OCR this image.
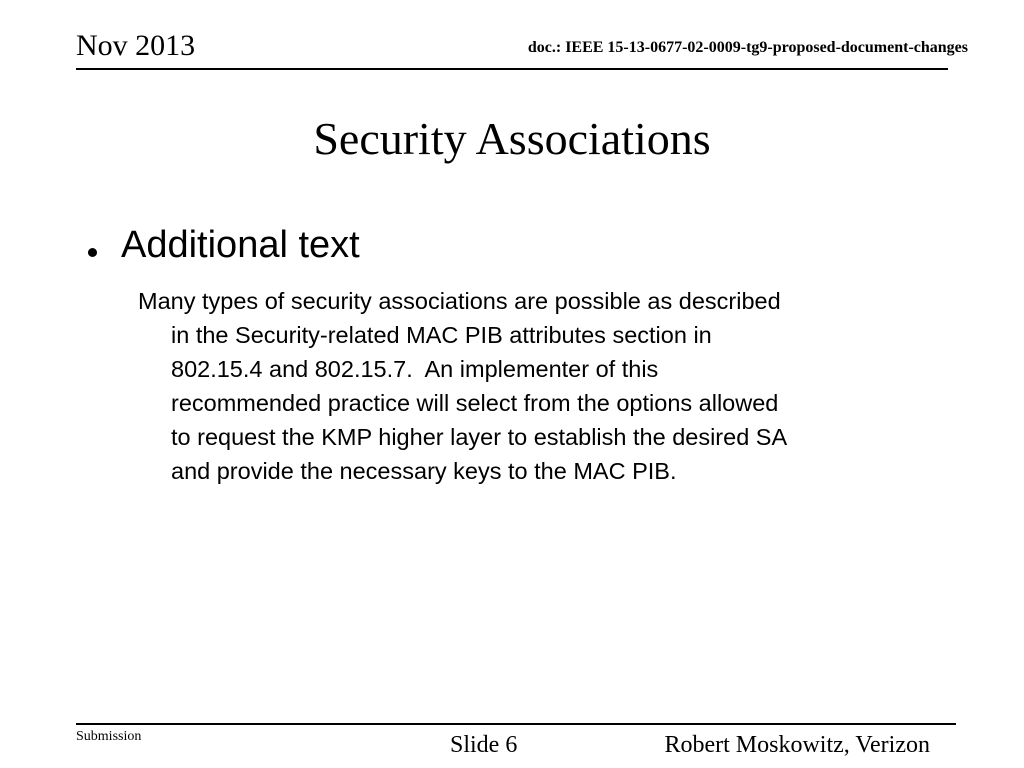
Nov 2013	doc.: IEEE 15-13-0677-02-0009-tg9-proposed-document-changes
Security Associations
Additional text
Many types of security associations are possible as described
in the Security-related MAC PIB attributes section in
802.15.4 and 802.15.7.  An implementer of this
recommended practice will select from the options allowed
to request the KMP higher layer to establish the desired SA
and provide the necessary keys to the MAC PIB.
Submission	Slide 6	Robert Moskowitz, Verizon
